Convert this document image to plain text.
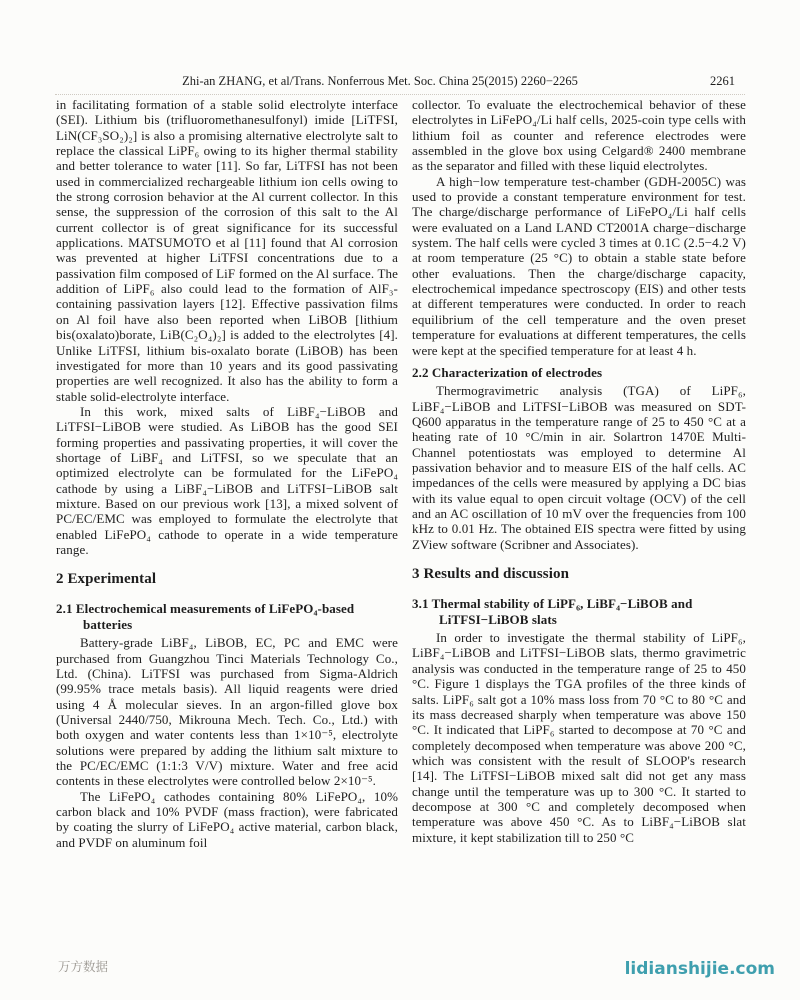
Zhi-an ZHANG, et al/Trans. Nonferrous Met. Soc. China 25(2015) 2260−2265	2261

in facilitating formation of a stable solid electrolyte interface (SEI). Lithium bis (trifluoromethanesulfonyl) imide [LiTFSI, LiN(CF₃SO₂)₂] is also a promising alternative electrolyte salt to replace the classical LiPF₆ owing to its higher thermal stability and better tolerance to water [11]. So far, LiTFSI has not been used in commercialized rechargeable lithium ion cells owing to the strong corrosion behavior at the Al current collector. In this sense, the suppression of the corrosion of this salt to the Al current collector is of great significance for its successful applications. MATSUMOTO et al [11] found that Al corrosion was prevented at higher LiTFSI concentrations due to a passivation film composed of LiF formed on the Al surface. The addition of LiPF₆ also could lead to the formation of AlF₃-containing passivation layers [12]. Effective passivation films on Al foil have also been reported when LiBOB [lithium bis(oxalato)borate, LiB(C₂O₄)₂] is added to the electrolytes [4]. Unlike LiTFSI, lithium bis-oxalato borate (LiBOB) has been investigated for more than 10 years and its good passivating properties are well recognized. It also has the ability to form a stable solid-electrolyte interface.

In this work, mixed salts of LiBF₄−LiBOB and LiTFSI−LiBOB were studied. As LiBOB has the good SEI forming properties and passivating properties, it will cover the shortage of LiBF₄ and LiTFSI, so we speculate that an optimized electrolyte can be formulated for the LiFePO₄ cathode by using a LiBF₄−LiBOB and LiTFSI−LiBOB salt mixture. Based on our previous work [13], a mixed solvent of PC/EC/EMC was employed to formulate the electrolyte that enabled LiFePO₄ cathode to operate in a wide temperature range.

2 Experimental
2.1 Electrochemical measurements of LiFePO₄-based batteries

Battery-grade LiBF₄, LiBOB, EC, PC and EMC were purchased from Guangzhou Tinci Materials Technology Co., Ltd. (China). LiTFSI was purchased from Sigma-Aldrich (99.95% trace metals basis). All liquid reagents were dried using 4 Å molecular sieves. In an argon-filled glove box (Universal 2440/750, Mikrouna Mech. Tech. Co., Ltd.) with both oxygen and water contents less than 1×10⁻⁵, electrolyte solutions were prepared by adding the lithium salt mixture to the PC/EC/EMC (1:1:3 V/V) mixture. Water and free acid contents in these electrolytes were controlled below 2×10⁻⁵.

The LiFePO₄ cathodes containing 80% LiFePO₄, 10% carbon black and 10% PVDF (mass fraction), were fabricated by coating the slurry of LiFePO₄ active material, carbon black, and PVDF on aluminum foil

collector. To evaluate the electrochemical behavior of these electrolytes in LiFePO₄/Li half cells, 2025-coin type cells with lithium foil as counter and reference electrodes were assembled in the glove box using Celgard® 2400 membrane as the separator and filled with these liquid electrolytes.

A high−low temperature test-chamber (GDH-2005C) was used to provide a constant temperature environment for test. The charge/discharge performance of LiFePO₄/Li half cells were evaluated on a Land LAND CT2001A charge−discharge system. The half cells were cycled 3 times at 0.1C (2.5−4.2 V) at room temperature (25 °C) to obtain a stable state before other evaluations. Then the charge/discharge capacity, electrochemical impedance spectroscopy (EIS) and other tests at different temperatures were conducted. In order to reach equilibrium of the cell temperature and the oven preset temperature for evaluations at different temperatures, the cells were kept at the specified temperature for at least 4 h.

2.2 Characterization of electrodes

Thermogravimetric analysis (TGA) of LiPF₆, LiBF₄−LiBOB and LiTFSI−LiBOB was measured on SDT-Q600 apparatus in the temperature range of 25 to 450 °C at a heating rate of 10 °C/min in air. Solartron 1470E Multi-Channel potentiostats was employed to determine Al passivation behavior and to measure EIS of the half cells. AC impedances of the cells were measured by applying a DC bias with its value equal to open circuit voltage (OCV) of the cell and an AC oscillation of 10 mV over the frequencies from 100 kHz to 0.01 Hz. The obtained EIS spectra were fitted by using ZView software (Scribner and Associates).

3 Results and discussion
3.1 Thermal stability of LiPF₆, LiBF₄−LiBOB and LiTFSI−LiBOB slats

In order to investigate the thermal stability of LiPF₆, LiBF₄−LiBOB and LiTFSI−LiBOB slats, thermo gravimetric analysis was conducted in the temperature range of 25 to 450 °C. Figure 1 displays the TGA profiles of the three kinds of salts. LiPF₆ salt got a 10% mass loss from 70 °C to 80 °C and its mass decreased sharply when temperature was above 150 °C. It indicated that LiPF₆ started to decompose at 70 °C and completely decomposed when temperature was above 200 °C, which was consistent with the result of SLOOP's research [14]. The LiTFSI−LiBOB mixed salt did not get any mass change until the temperature was up to 300 °C. It started to decompose at 300 °C and completely decomposed when temperature was above 450 °C. As to LiBF₄−LiBOB slat mixture, it kept stabilization till to 250 °C

万方数据	lidianshijie.com
